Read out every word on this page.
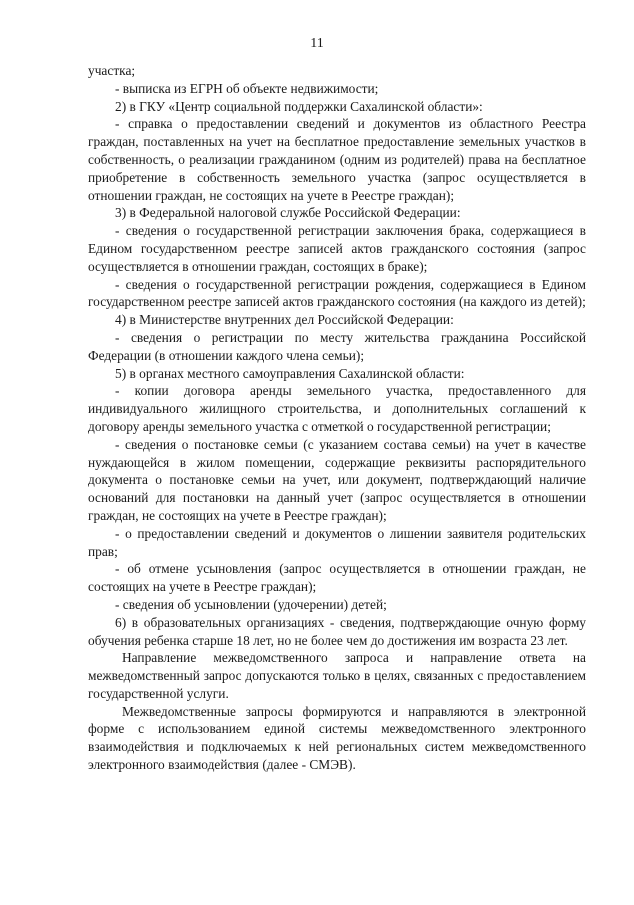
11

участка;

- выписка из ЕГРН об объекте недвижимости;

2) в ГКУ «Центр социальной поддержки Сахалинской области»:

- справка о предоставлении сведений и документов из областного Реестра граждан, поставленных на учет на бесплатное предоставление земельных участков в собственность, о реализации гражданином (одним из родителей) права на бесплатное приобретение в собственность земельного участка (запрос осуществляется в отношении граждан, не состоящих на учете в Реестре граждан);

3) в Федеральной налоговой службе Российской Федерации:

- сведения о государственной регистрации заключения брака, содержащиеся в Едином государственном реестре записей актов гражданского состояния (запрос осуществляется в отношении граждан, состоящих в браке);

- сведения о государственной регистрации рождения, содержащиеся в Едином государственном реестре записей актов гражданского состояния (на каждого из детей);

4) в Министерстве внутренних дел Российской Федерации:

- сведения о регистрации по месту жительства гражданина Российской Федерации (в отношении каждого члена семьи);

5) в органах местного самоуправления Сахалинской области:

- копии договора аренды земельного участка, предоставленного для индивидуального жилищного строительства, и дополнительных соглашений к договору аренды земельного участка с отметкой о государственной регистрации;

- сведения о постановке семьи (с указанием состава семьи) на учет в качестве нуждающейся в жилом помещении, содержащие реквизиты распорядительного документа о постановке семьи на учет, или документ, подтверждающий наличие оснований для постановки на данный учет (запрос осуществляется в отношении граждан, не состоящих на учете в Реестре граждан);

- о предоставлении сведений и документов о лишении заявителя родительских прав;

- об отмене усыновления (запрос осуществляется в отношении граждан, не состоящих на учете в Реестре граждан);

- сведения об усыновлении (удочерении) детей;

6) в образовательных организациях - сведения, подтверждающие очную форму обучения ребенка старше 18 лет, но не более чем до достижения им возраста 23 лет.

Направление межведомственного запроса и направление ответа на межведомственный запрос допускаются только в целях, связанных с предоставлением государственной услуги.

Межведомственные запросы формируются и направляются в электронной форме с использованием единой системы межведомственного электронного взаимодействия и подключаемых к ней региональных систем межведомственного электронного взаимодействия (далее - СМЭВ).
